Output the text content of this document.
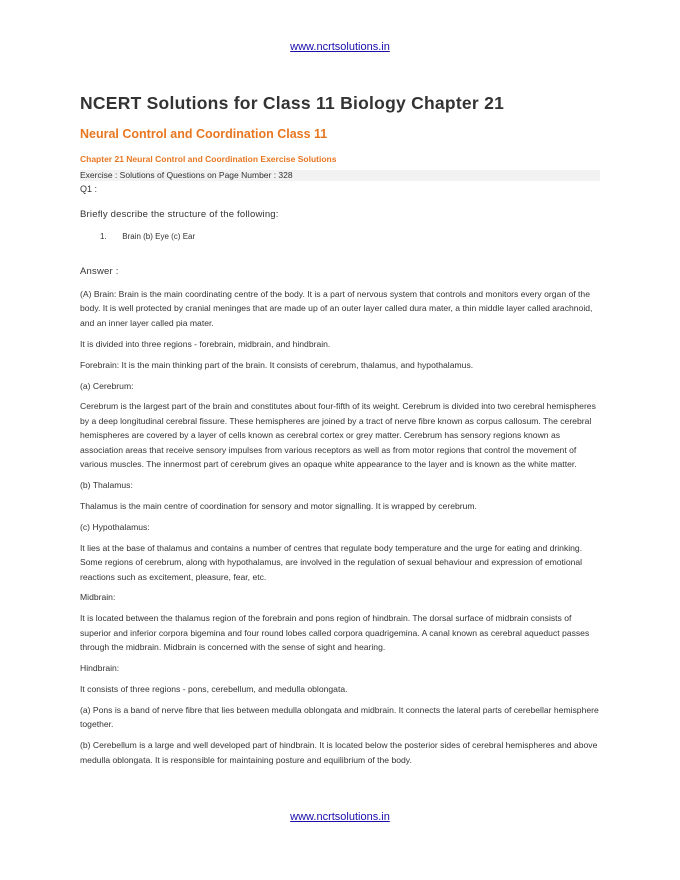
www.ncrtsolutions.in
NCERT Solutions for Class 11 Biology Chapter 21
Neural Control and Coordination Class 11
Chapter 21 Neural Control and Coordination Exercise Solutions
Exercise : Solutions of Questions on Page Number : 328
Q1 :
Briefly describe the structure of the following:
1. Brain (b) Eye (c) Ear
Answer :

(A) Brain: Brain is the main coordinating centre of the body. It is a part of nervous system that controls and monitors every organ of the body. It is well protected by cranial meninges that are made up of an outer layer called dura mater, a thin middle layer called arachnoid, and an inner layer called pia mater.

It is divided into three regions - forebrain, midbrain, and hindbrain.

Forebrain: It is the main thinking part of the brain. It consists of cerebrum, thalamus, and hypothalamus.

(a) Cerebrum:

Cerebrum is the largest part of the brain and constitutes about four-fifth of its weight. Cerebrum is divided into two cerebral hemispheres by a deep longitudinal cerebral fissure. These hemispheres are joined by a tract of nerve fibre known as corpus callosum. The cerebral hemispheres are covered by a layer of cells known as cerebral cortex or grey matter. Cerebrum has sensory regions known as association areas that receive sensory impulses from various receptors as well as from motor regions that control the movement of various muscles. The innermost part of cerebrum gives an opaque white appearance to the layer and is known as the white matter.

(b) Thalamus:

Thalamus is the main centre of coordination for sensory and motor signalling. It is wrapped by cerebrum.

(c) Hypothalamus:

It lies at the base of thalamus and contains a number of centres that regulate body temperature and the urge for eating and drinking. Some regions of cerebrum, along with hypothalamus, are involved in the regulation of sexual behaviour and expression of emotional reactions such as excitement, pleasure, fear, etc.

Midbrain:

It is located between the thalamus region of the forebrain and pons region of hindbrain. The dorsal surface of midbrain consists of superior and inferior corpora bigemina and four round lobes called corpora quadrigemina. A canal known as cerebral aqueduct passes through the midbrain. Midbrain is concerned with the sense of sight and hearing.

Hindbrain:

It consists of three regions - pons, cerebellum, and medulla oblongata.

(a) Pons is a band of nerve fibre that lies between medulla oblongata and midbrain. It connects the lateral parts of cerebellar hemisphere together.

(b) Cerebellum is a large and well developed part of hindbrain. It is located below the posterior sides of cerebral hemispheres and above medulla oblongata. It is responsible for maintaining posture and equilibrium of the body.

www.ncrtsolutions.in
